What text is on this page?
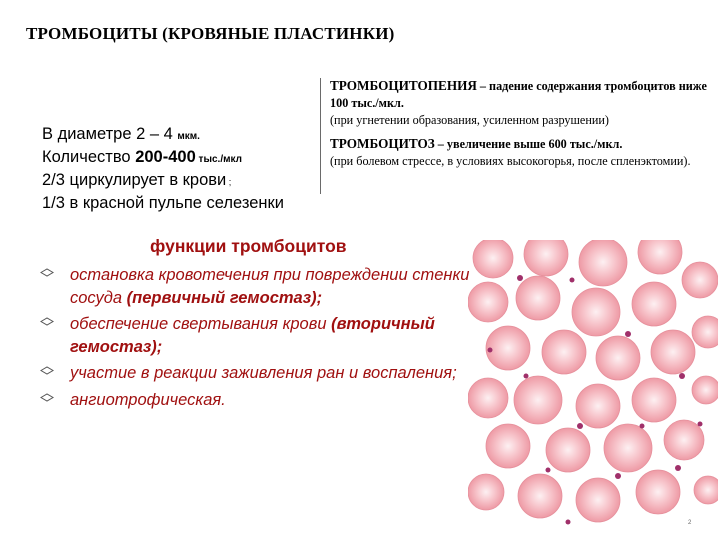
ТРОМБОЦИТЫ (КРОВЯНЫЕ ПЛАСТИНКИ)
В диаметре 2 – 4 мкм.
Количество 200-400 тыс./мкл
2/3 циркулирует в крови ;
1/3 в красной пульпе селезенки
ТРОМБОЦИТОПЕНИЯ – падение содержания тромбоцитов ниже 100 тыс./мкл.
(при угнетении образования, усиленном разрушении)
ТРОМБОЦИТОЗ – увеличение выше 600 тыс./мкл.
(при болевом стрессе, в условиях высокогорья, после спленэктомии).
функции тромбоцитов
остановка кровотечения при повреждении стенки сосуда (первичный гемостаз);
обеспечение свертывания крови (вторичный гемостаз);
участие в реакции заживления ран и воспаления;
ангиотрофическая.
2
